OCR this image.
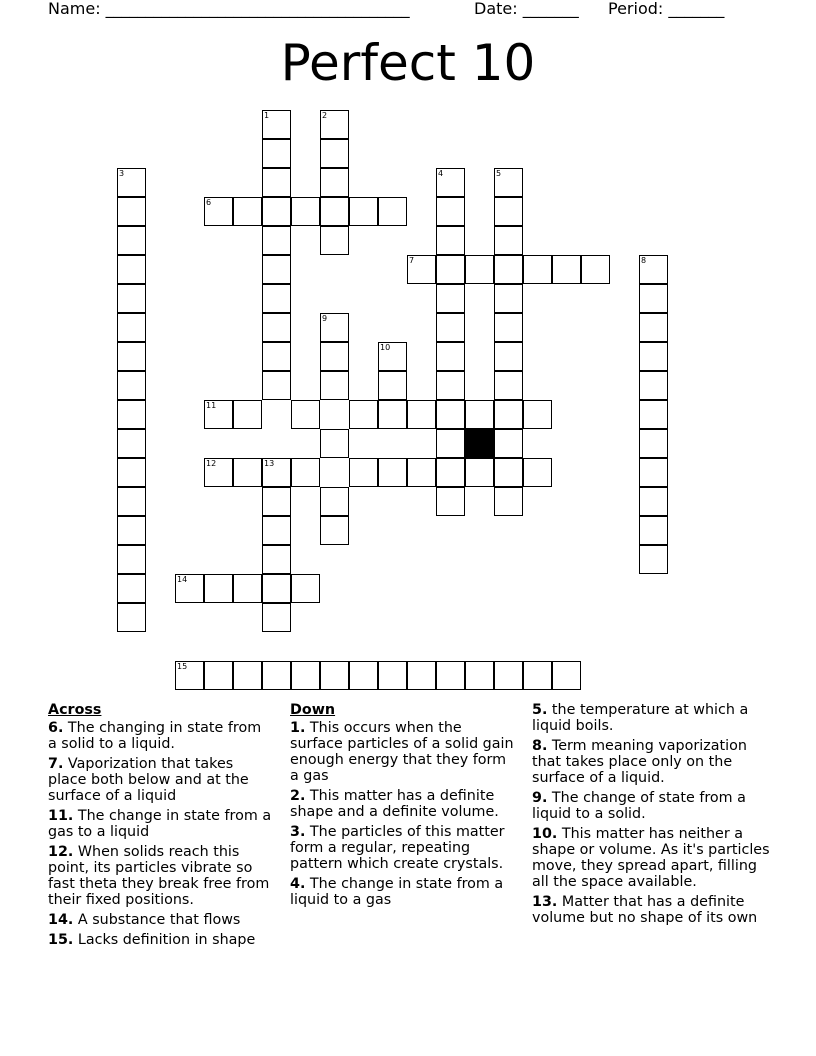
Name: ______________________________________	Date: _______ Period: _______
Perfect 10
1	2
3	4	5
6
7	8
9
10
11
12	13
14
15
Across
6. The changing in state from a solid to a liquid.
7. Vaporization that takes place both below and at the surface of a liquid
11. The change in state from a gas to a liquid
12. When solids reach this point, its particles vibrate so fast theta they break free from their fixed positions.
14. A substance that flows
15. Lacks definition in shape
Down
1. This occurs when the surface particles of a solid gain enough energy that they form a gas
2. This matter has a definite shape and a definite volume.
3. The particles of this matter form a regular, repeating pattern which create crystals.
4. The change in state from a liquid to a gas
5. the temperature at which a liquid boils.
8. Term meaning vaporization that takes place only on the surface of a liquid.
9. The change of state from a liquid to a solid.
10. This matter has neither a shape or volume. As it's particles move, they spread apart, filling all the space available.
13. Matter that has a definite volume but no shape of its own
